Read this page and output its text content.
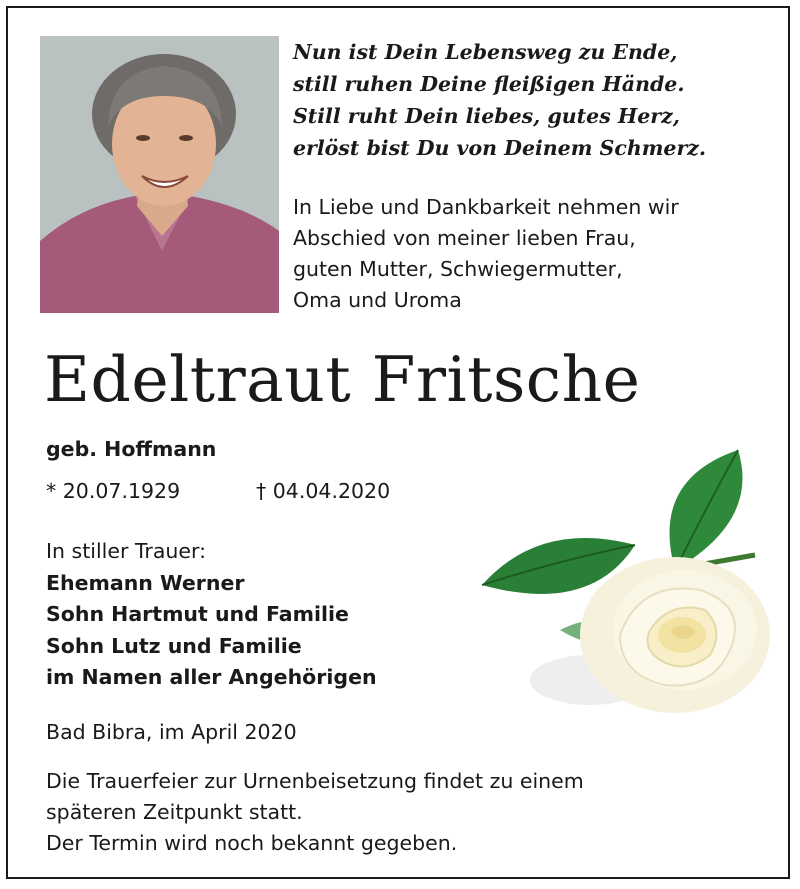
Nun ist Dein Lebensweg zu Ende,
still ruhen Deine fleißigen Hände.
Still ruht Dein liebes, gutes Herz,
erlöst bist Du von Deinem Schmerz.
In Liebe und Dankbarkeit nehmen wir
Abschied von meiner lieben Frau,
guten Mutter, Schwiegermutter,
Oma und Uroma
Edeltraut Fritsche
geb. Hoffmann
* 20.07.1929	† 04.04.2020
In stiller Trauer:
Ehemann Werner
Sohn Hartmut und Familie
Sohn Lutz und Familie
im Namen aller Angehörigen
Bad Bibra, im April 2020
Die Trauerfeier zur Urnenbeisetzung findet zu einem
späteren Zeitpunkt statt.
Der Termin wird noch bekannt gegeben.
